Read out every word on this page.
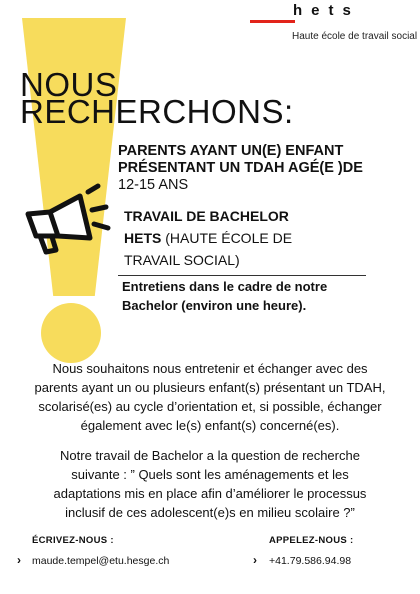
hets
Haute école de travail social
NOUS
RECHERCHONS:
PARENTS AYANT UN(E) ENFANT
PRÉSENTANT UN TDAH AGÉ(E )DE
12-15 ANS
TRAVAIL DE BACHELOR
HETS (HAUTE ÉCOLE DE
TRAVAIL SOCIAL)
Entretiens dans le cadre de notre
Bachelor (environ une heure).
Nous souhaitons nous entretenir et échanger avec des
parents ayant un ou plusieurs enfant(s) présentant un TDAH,
scolarisé(es) au cycle d’orientation et, si possible, échanger
également avec le(s) enfant(s) concerné(es).
Notre travail de Bachelor a la question de recherche
suivante : ” Quels sont les aménagements et les
adaptations mis en place afin d’améliorer le processus
inclusif de ces adolescent(e)s en milieu scolaire ?”
ÉCRIVEZ-NOUS :
› maude.tempel@etu.hesge.ch
APPELEZ-NOUS :
› +41.79.586.94.98
